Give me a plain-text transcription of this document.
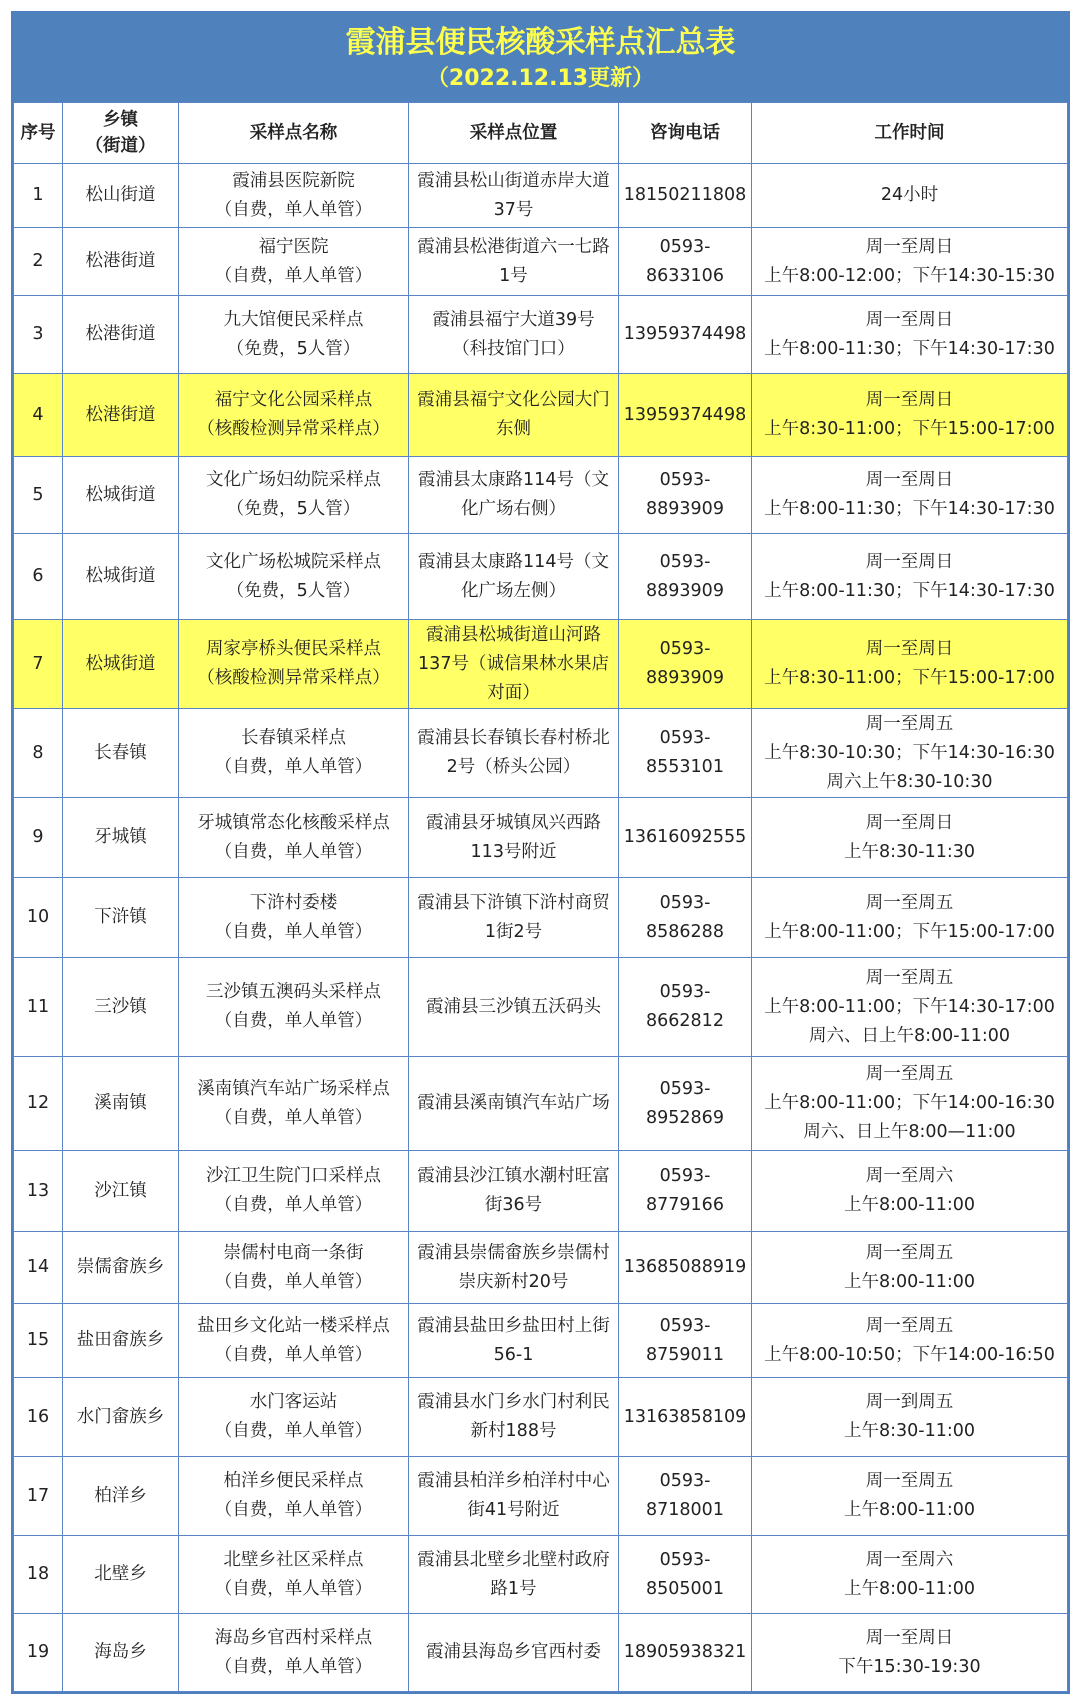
霞浦县便民核酸采样点汇总表
（2022.12.13更新）
序号	乡镇
（街道）	采样点名称	采样点位置	咨询电话	工作时间
1	松山街道	霞浦县医院新院
（自费，单人单管）	霞浦县松山街道赤岸大道
37号	18150211808	24小时
2	松港街道	福宁医院
（自费，单人单管）	霞浦县松港街道六一七路
1号	0593-8633106	周一至周日
上午8:00-12:00；下午14:30-15:30
3	松港街道	九大馆便民采样点
（免费，5人管）	霞浦县福宁大道39号
（科技馆门口）	13959374498	周一至周日
上午8:00-11:30；下午14:30-17:30
4	松港街道	福宁文化公园采样点
（核酸检测异常采样点）	霞浦县福宁文化公园大门
东侧	13959374498	周一至周日
上午8:30-11:00；下午15:00-17:00
5	松城街道	文化广场妇幼院采样点
（免费，5人管）	霞浦县太康路114号（文
化广场右侧）	0593-8893909	周一至周日
上午8:00-11:30；下午14:30-17:30
6	松城街道	文化广场松城院采样点
（免费，5人管）	霞浦县太康路114号（文
化广场左侧）	0593-8893909	周一至周日
上午8:00-11:30；下午14:30-17:30
7	松城街道	周家亭桥头便民采样点
（核酸检测异常采样点）	霞浦县松城街道山河路
137号（诚信果林水果店
对面）	0593-8893909	周一至周日
上午8:30-11:00；下午15:00-17:00
8	长春镇	长春镇采样点
（自费，单人单管）	霞浦县长春镇长春村桥北
2号（桥头公园）	0593-8553101	周一至周五
上午8:30-10:30；下午14:30-16:30
周六上午8:30-10:30
9	牙城镇	牙城镇常态化核酸采样点
（自费，单人单管）	霞浦县牙城镇凤兴西路
113号附近	13616092555	周一至周日
上午8:30-11:30
10	下浒镇	下浒村委楼
（自费，单人单管）	霞浦县下浒镇下浒村商贸
1街2号	0593-8586288	周一至周五
上午8:00-11:00；下午15:00-17:00
11	三沙镇	三沙镇五澳码头采样点
（自费，单人单管）	霞浦县三沙镇五沃码头	0593-8662812	周一至周五
上午8:00-11:00；下午14:30-17:00
周六、日上午8:00-11:00
12	溪南镇	溪南镇汽车站广场采样点
（自费，单人单管）	霞浦县溪南镇汽车站广场	0593-8952869	周一至周五
上午8:00-11:00；下午14:00-16:30
周六、日上午8:00—11:00
13	沙江镇	沙江卫生院门口采样点
（自费，单人单管）	霞浦县沙江镇水潮村旺富
街36号	0593-8779166	周一至周六
上午8:00-11:00
14	崇儒畲族乡	崇儒村电商一条街
（自费，单人单管）	霞浦县崇儒畲族乡崇儒村
崇庆新村20号	13685088919	周一至周五
上午8:00-11:00
15	盐田畲族乡	盐田乡文化站一楼采样点
（自费，单人单管）	霞浦县盐田乡盐田村上街
56-1	0593-8759011	周一至周五
上午8:00-10:50；下午14:00-16:50
16	水门畲族乡	水门客运站
（自费，单人单管）	霞浦县水门乡水门村利民
新村188号	13163858109	周一到周五
上午8:30-11:00
17	柏洋乡	柏洋乡便民采样点
（自费，单人单管）	霞浦县柏洋乡柏洋村中心
街41号附近	0593-8718001	周一至周五
上午8:00-11:00
18	北壁乡	北壁乡社区采样点
（自费，单人单管）	霞浦县北壁乡北壁村政府
路1号	0593-8505001	周一至周六
上午8:00-11:00
19	海岛乡	海岛乡官西村采样点
（自费，单人单管）	霞浦县海岛乡官西村委	18905938321	周一至周日
下午15:30-19:30
